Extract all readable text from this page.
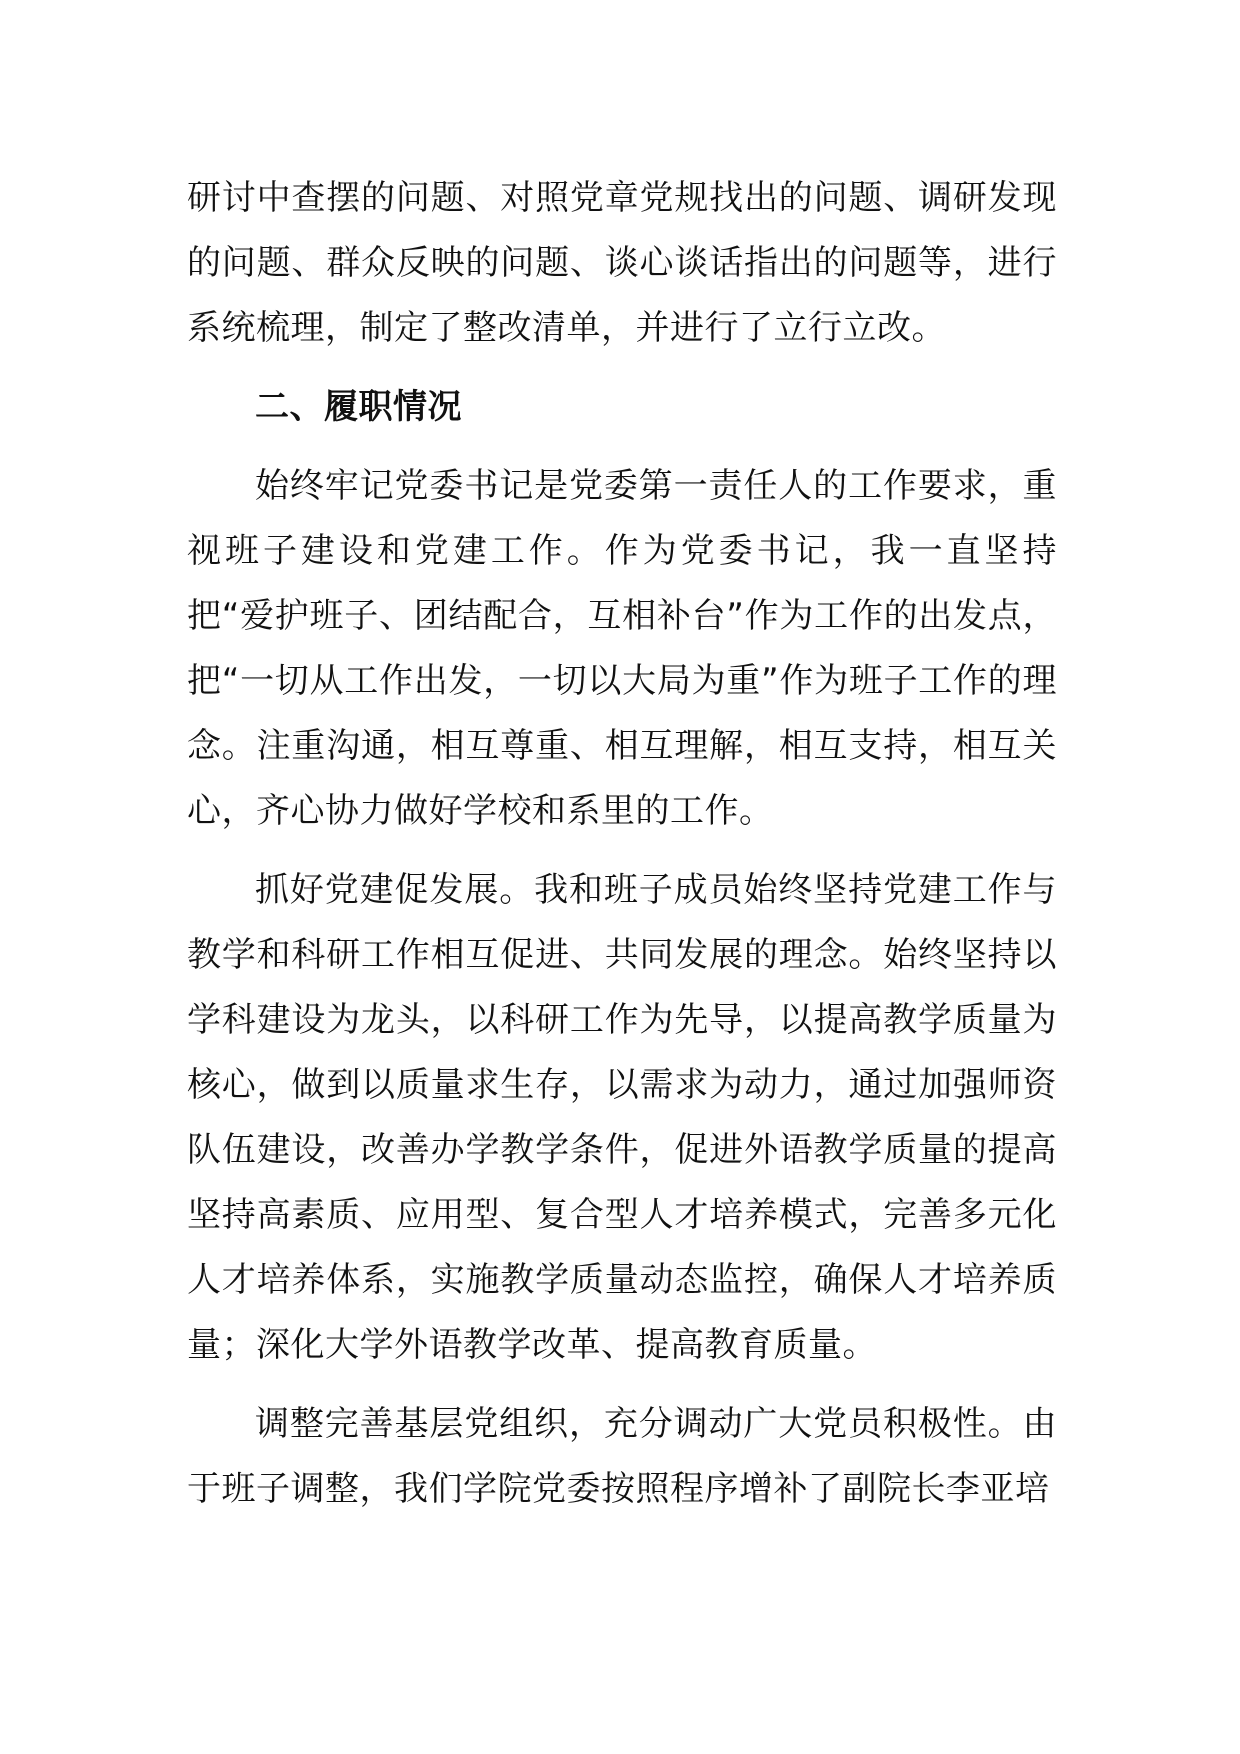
研讨中查摆的问题、对照党章党规找出的问题、调研发现的问题、群众反映的问题、谈心谈话指出的问题等，进行系统梳理，制定了整改清单，并进行了立行立改。

二、履职情况

始终牢记党委书记是党委第一责任人的工作要求，重视班子建设和党建工作。作为党委书记，我一直坚持把“爱护班子、团结配合，互相补台”作为工作的出发点，把“一切从工作出发，一切以大局为重”作为班子工作的理念。注重沟通，相互尊重、相互理解，相互支持，相互关心，齐心协力做好学校和系里的工作。

抓好党建促发展。我和班子成员始终坚持党建工作与教学和科研工作相互促进、共同发展的理念。始终坚持以学科建设为龙头，以科研工作为先导，以提高教学质量为核心，做到以质量求生存，以需求为动力，通过加强师资队伍建设，改善办学教学条件，促进外语教学质量的提高坚持高素质、应用型、复合型人才培养模式，完善多元化人才培养体系，实施教学质量动态监控，确保人才培养质量；深化大学外语教学改革、提高教育质量。

调整完善基层党组织，充分调动广大党员积极性。由于班子调整，我们学院党委按照程序增补了副院长李亚培
